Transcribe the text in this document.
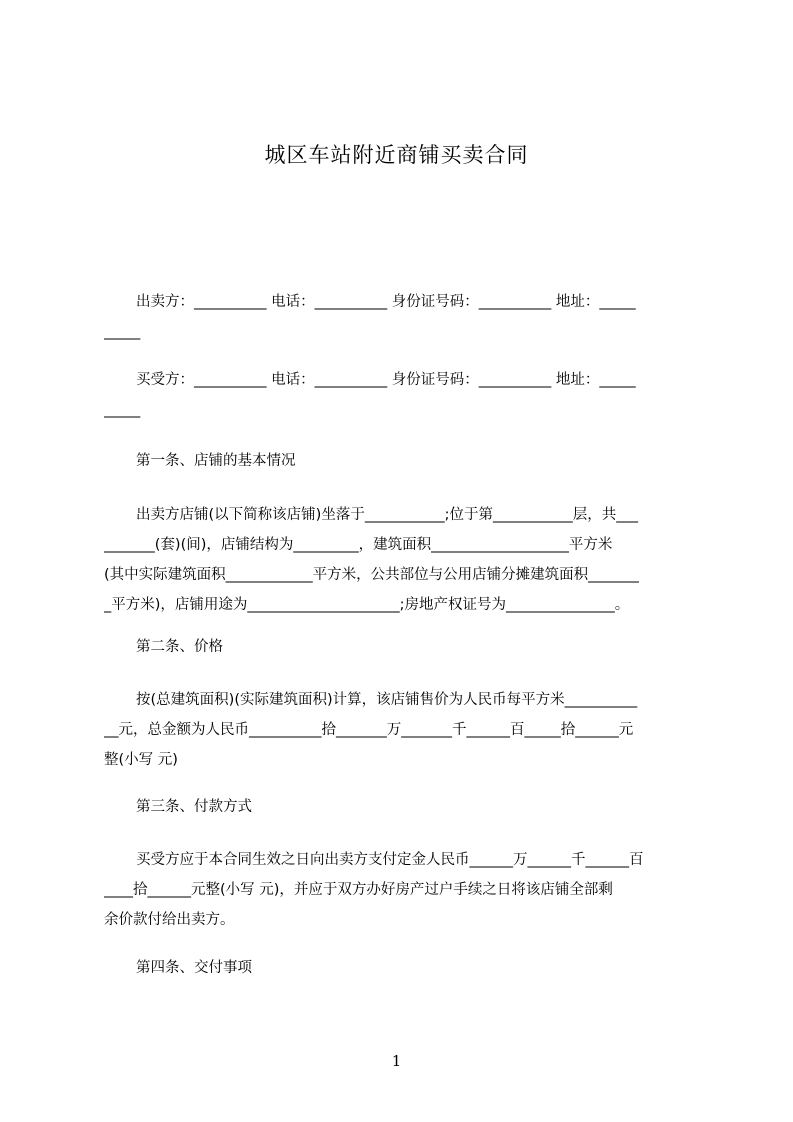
城区车站附近商铺买卖合同
出卖方：__________ 电话：__________ 身份证号码：__________ 地址：_____
_____
买受方：__________ 电话：__________ 身份证号码：__________ 地址：_____
_____
第一条、店铺的基本情况
出卖方店铺(以下简称该店铺)坐落于___________;位于第___________层，共___
_______(套)(间)，店铺结构为_________，建筑面积___________________平方米
(其中实际建筑面积____________平方米，公共部位与公用店铺分摊建筑面积_______
_平方米)，店铺用途为_____________________;房地产权证号为_______________。
第二条、价格
按(总建筑面积)(实际建筑面积)计算，该店铺售价为人民币每平方米__________
__元，总金额为人民币__________拾_______万_______千______百_____拾______元
整(小写 元)
第三条、付款方式
买受方应于本合同生效之日向出卖方支付定金人民币______万______千______百
____拾______元整(小写 元)，并应于双方办好房产过户手续之日将该店铺全部剩
余价款付给出卖方。
第四条、交付事项
1
